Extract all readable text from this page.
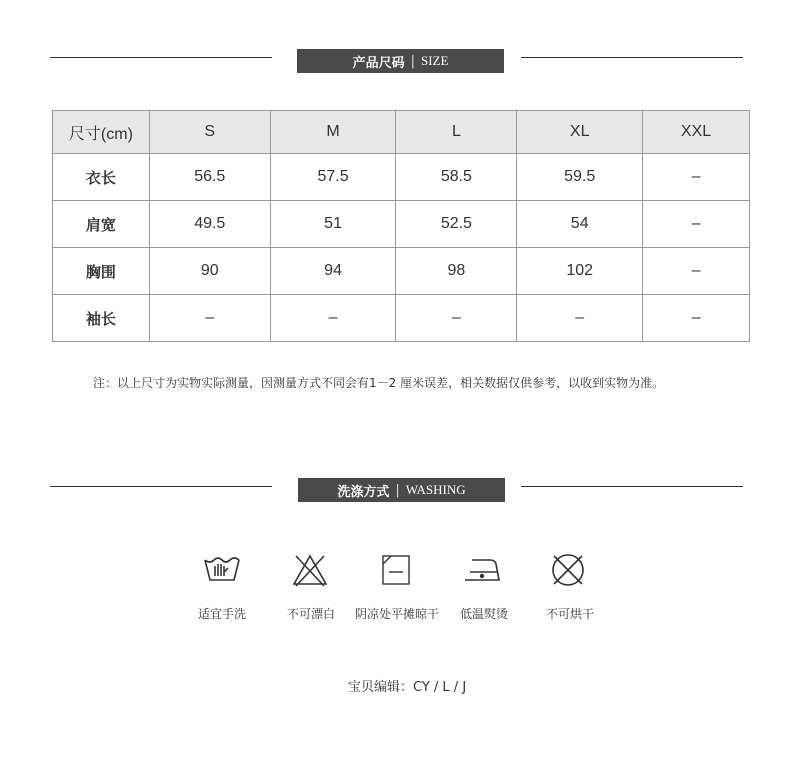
产品尺码 | SIZE
尺寸(cm)	S	M	L	XL	XXL
衣长	56.5	57.5	58.5	59.5	–
肩宽	49.5	51	52.5	54	–
胸围	90	94	98	102	–
袖长	–	–	–	–	–
注：以上尺寸为实物实际测量，因测量方式不同会有1－2 厘米误差，相关数据仅供参考，以收到实物为准。
洗涤方式 | WASHING
适宜手洗	不可漂白 阴凉处平摊晾干 低温熨烫	不可烘干
宝贝编辑：CY / L / J
